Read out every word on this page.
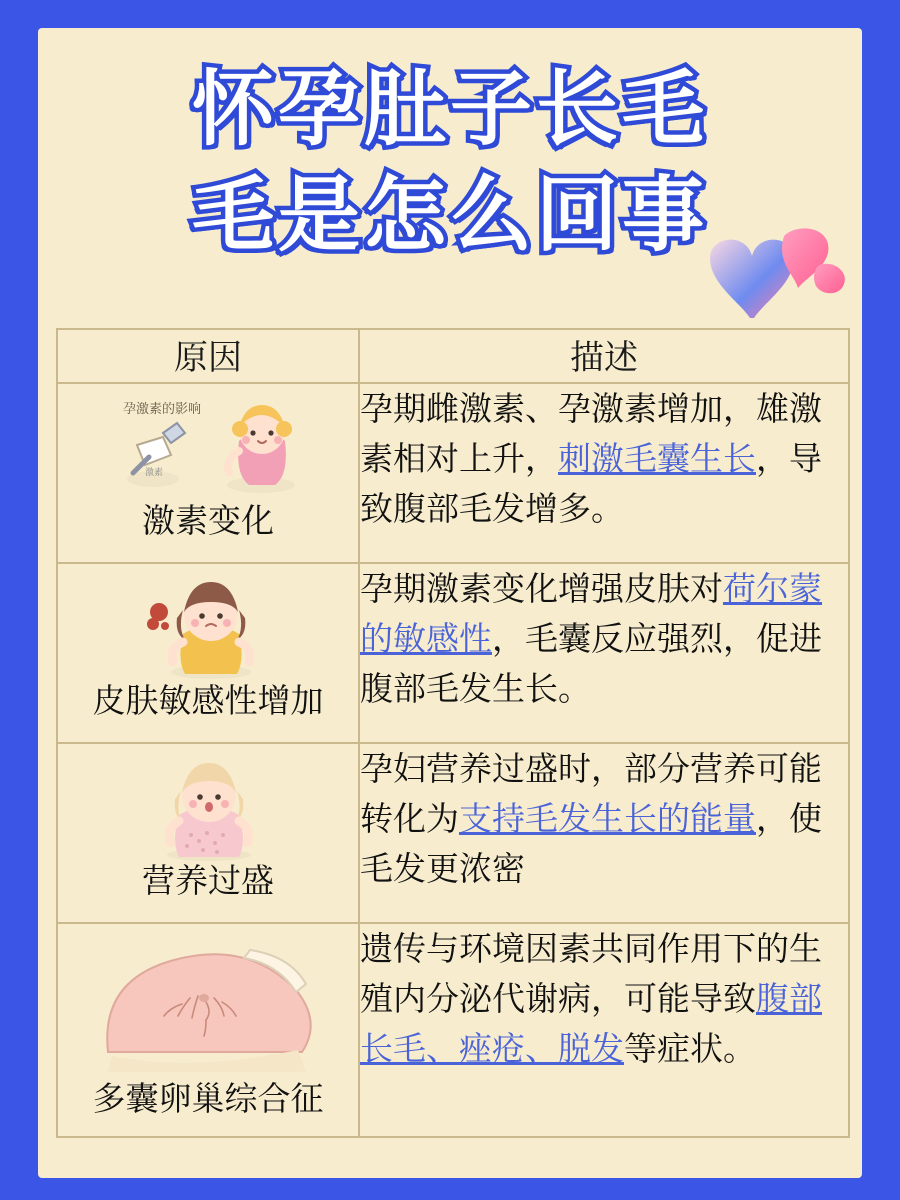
怀孕肚子长毛
毛是怎么回事
原因	描述

孕激素的影响
激素
激素变化	孕期雌激素、孕激素增加，雄激素相对上升，刺激毛囊生长，导致腹部毛发增多。

皮肤敏感性增加	孕期激素变化增强皮肤对荷尔蒙的敏感性，毛囊反应强烈，促进腹部毛发生长。

营养过盛	孕妇营养过盛时，部分营养可能转化为支持毛发生长的能量，使毛发更浓密

多囊卵巢综合征	遗传与环境因素共同作用下的生殖内分泌代谢病，可能导致腹部长毛、痤疮、脱发等症状。
